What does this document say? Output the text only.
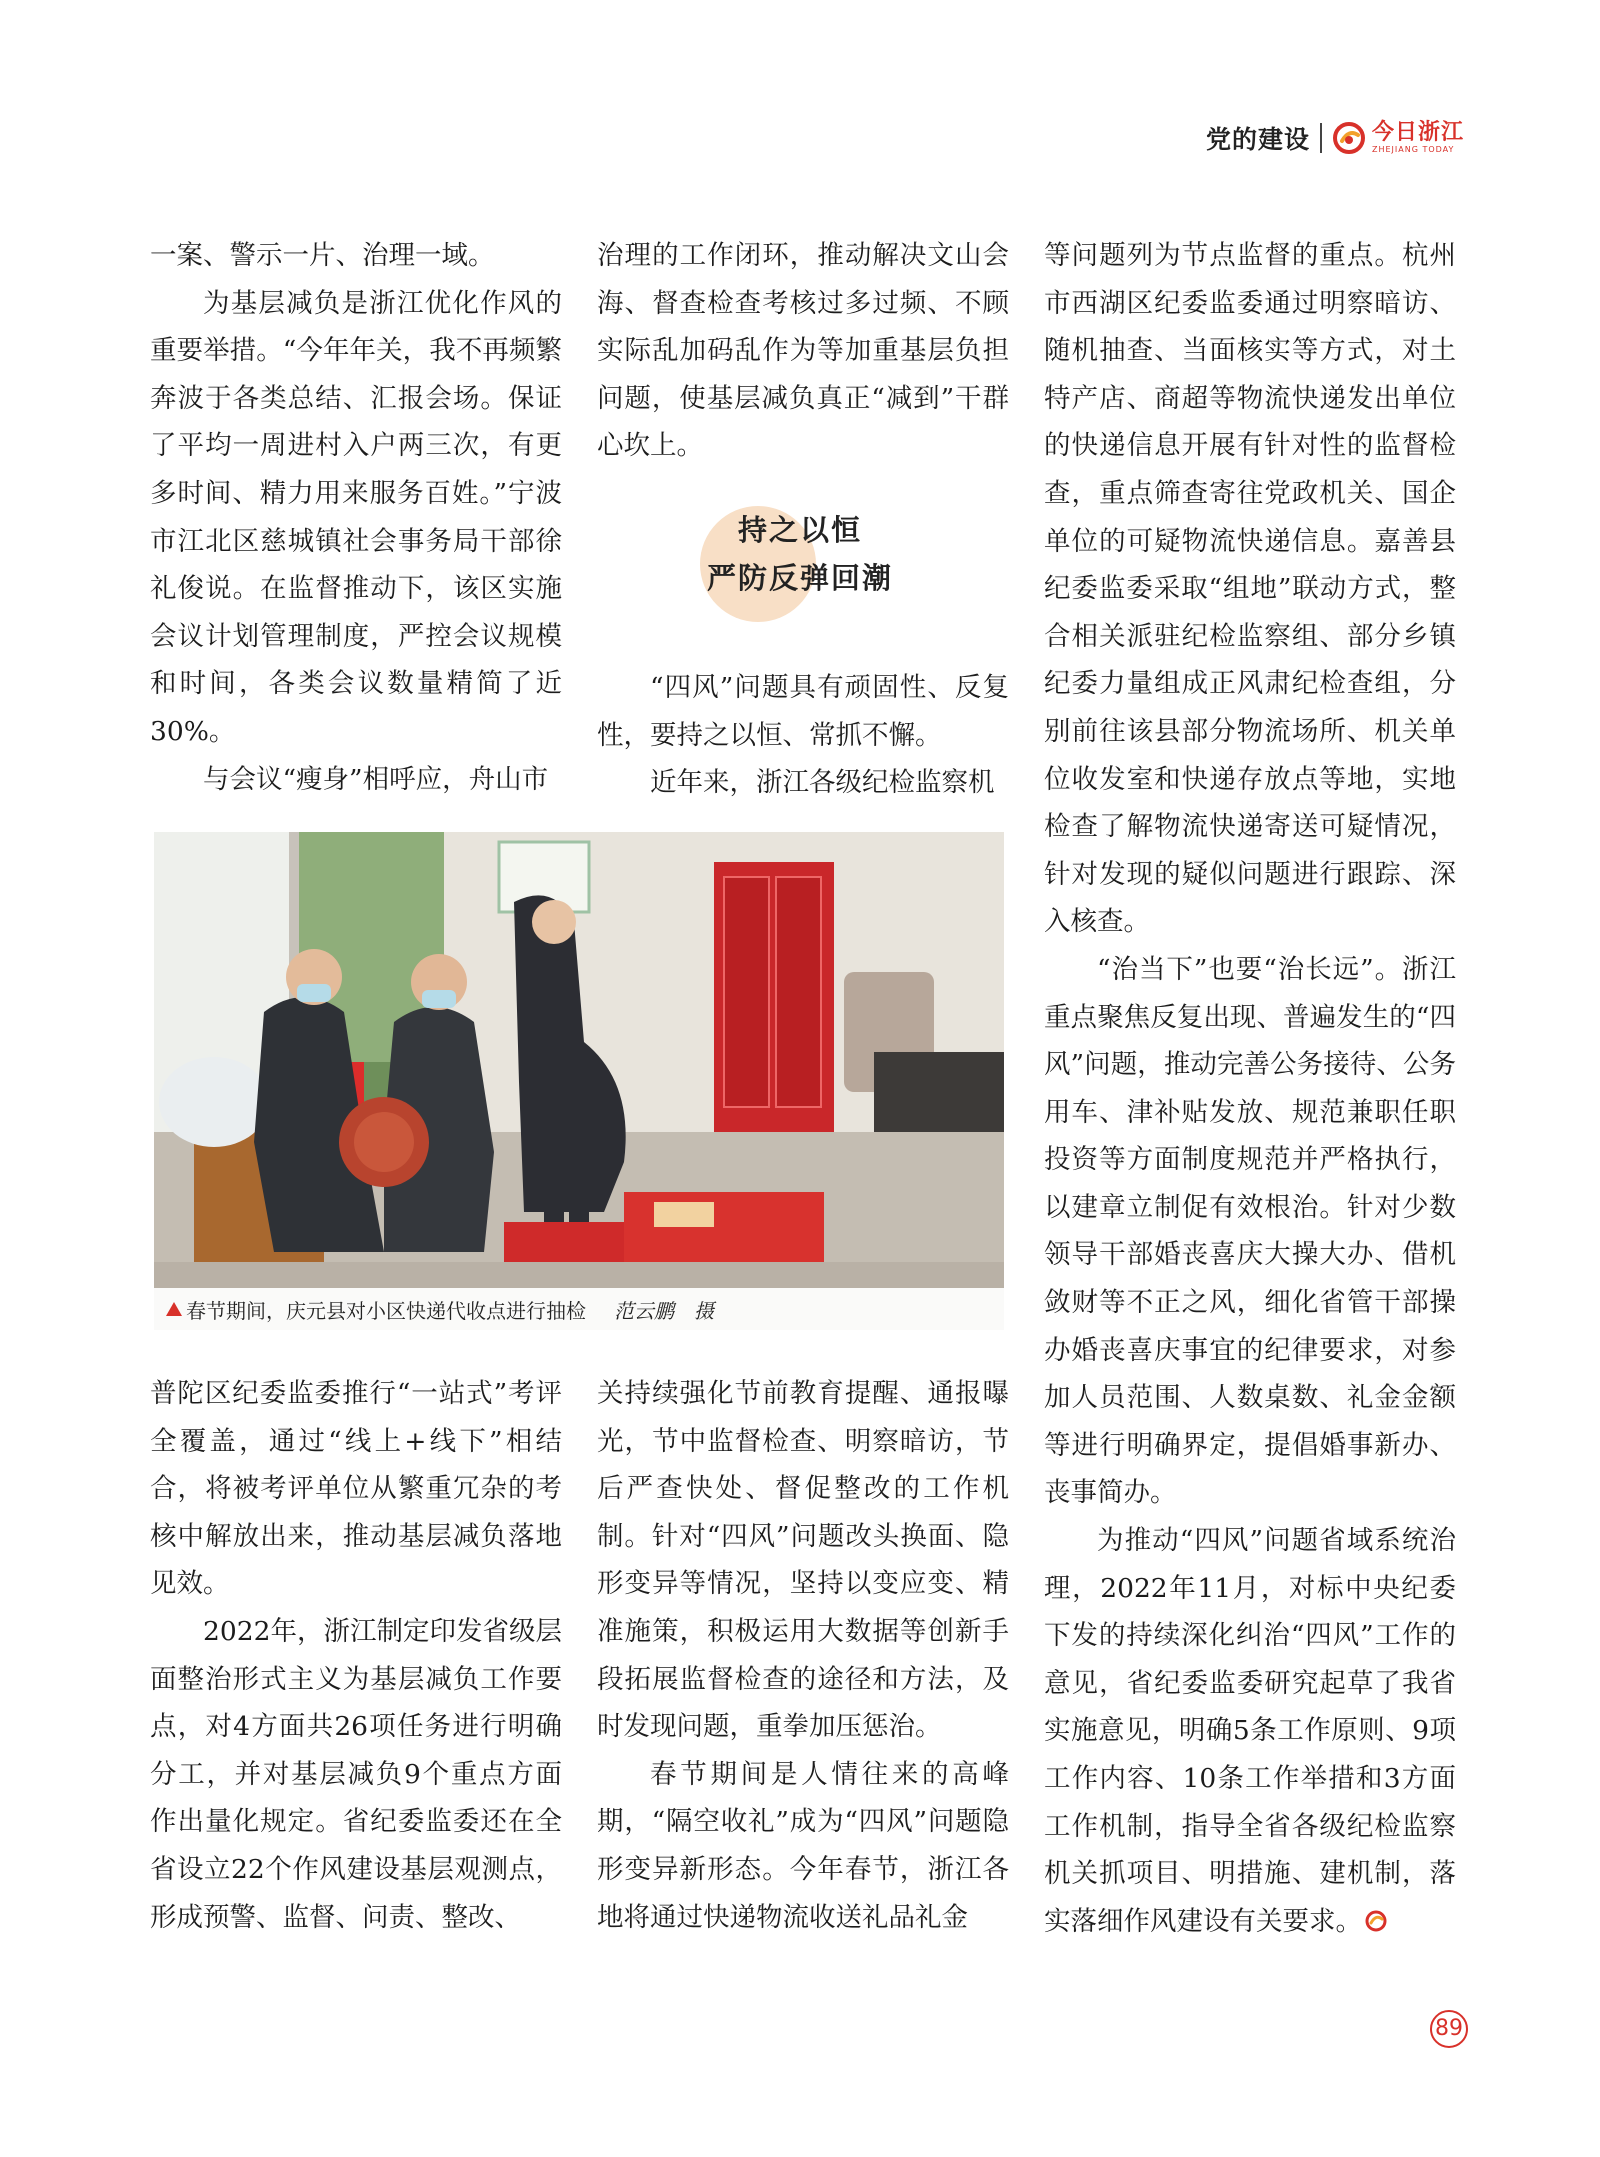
党的建设	今日浙江
ZHEJIANG TODAY

一案、警示一片、治理一域。

为基层减负是浙江优化作风的重要举措。“今年年关，我不再频繁奔波于各类总结、汇报会场。保证了平均一周进村入户两三次，有更多时间、精力用来服务百姓。”宁波市江北区慈城镇社会事务局干部徐礼俊说。在监督推动下，该区实施会议计划管理制度，严控会议规模和时间，各类会议数量精简了近30%。

与会议“瘦身”相呼应，舟山市

治理的工作闭环，推动解决文山会海、督查检查考核过多过频、不顾实际乱加码乱作为等加重基层负担问题，使基层减负真正“减到”干群心坎上。

持之以恒
严防反弹回潮

“四风”问题具有顽固性、反复性，要持之以恒、常抓不懈。

近年来，浙江各级纪检监察机

等问题列为节点监督的重点。杭州市西湖区纪委监委通过明察暗访、随机抽查、当面核实等方式，对土特产店、商超等物流快递发出单位的快递信息开展有针对性的监督检查，重点筛查寄往党政机关、国企单位的可疑物流快递信息。嘉善县纪委监委采取“组地”联动方式，整合相关派驻纪检监察组、部分乡镇纪委力量组成正风肃纪检查组，分别前往该县部分物流场所、机关单位收发室和快递存放点等地，实地检查了解物流快递寄送可疑情况，针对发现的疑似问题进行跟踪、深入核查。

“治当下”也要“治长远”。浙江重点聚焦反复出现、普遍发生的“四风”问题，推动完善公务接待、公务用车、津补贴发放、规范兼职任职投资等方面制度规范并严格执行，以建章立制促有效根治。针对少数领导干部婚丧喜庆大操大办、借机敛财等不正之风，细化省管干部操办婚丧喜庆事宜的纪律要求，对参加人员范围、人数桌数、礼金金额等进行明确界定，提倡婚事新办、丧事简办。

为推动“四风”问题省域系统治理，2022年11月，对标中央纪委下发的持续深化纠治“四风”工作的意见，省纪委监委研究起草了我省实施意见，明确5条工作原则、9项工作内容、10条工作举措和3方面工作机制，指导全省各级纪检监察机关抓项目、明措施、建机制，落实落细作风建设有关要求。

春节期间，庆元县对小区快递代收点进行抽检 范云鹏　摄

普陀区纪委监委推行“一站式”考评全覆盖，通过“线上+线下”相结合，将被考评单位从繁重冗杂的考核中解放出来，推动基层减负落地见效。

2022年，浙江制定印发省级层面整治形式主义为基层减负工作要点，对4方面共26项任务进行明确分工，并对基层减负9个重点方面作出量化规定。省纪委监委还在全省设立22个作风建设基层观测点，形成预警、监督、问责、整改、

关持续强化节前教育提醒、通报曝光，节中监督检查、明察暗访，节后严查快处、督促整改的工作机制。针对“四风”问题改头换面、隐形变异等情况，坚持以变应变、精准施策，积极运用大数据等创新手段拓展监督检查的途径和方法，及时发现问题，重拳加压惩治。

春节期间是人情往来的高峰期，“隔空收礼”成为“四风”问题隐形变异新形态。今年春节，浙江各地将通过快递物流收送礼品礼金

89
